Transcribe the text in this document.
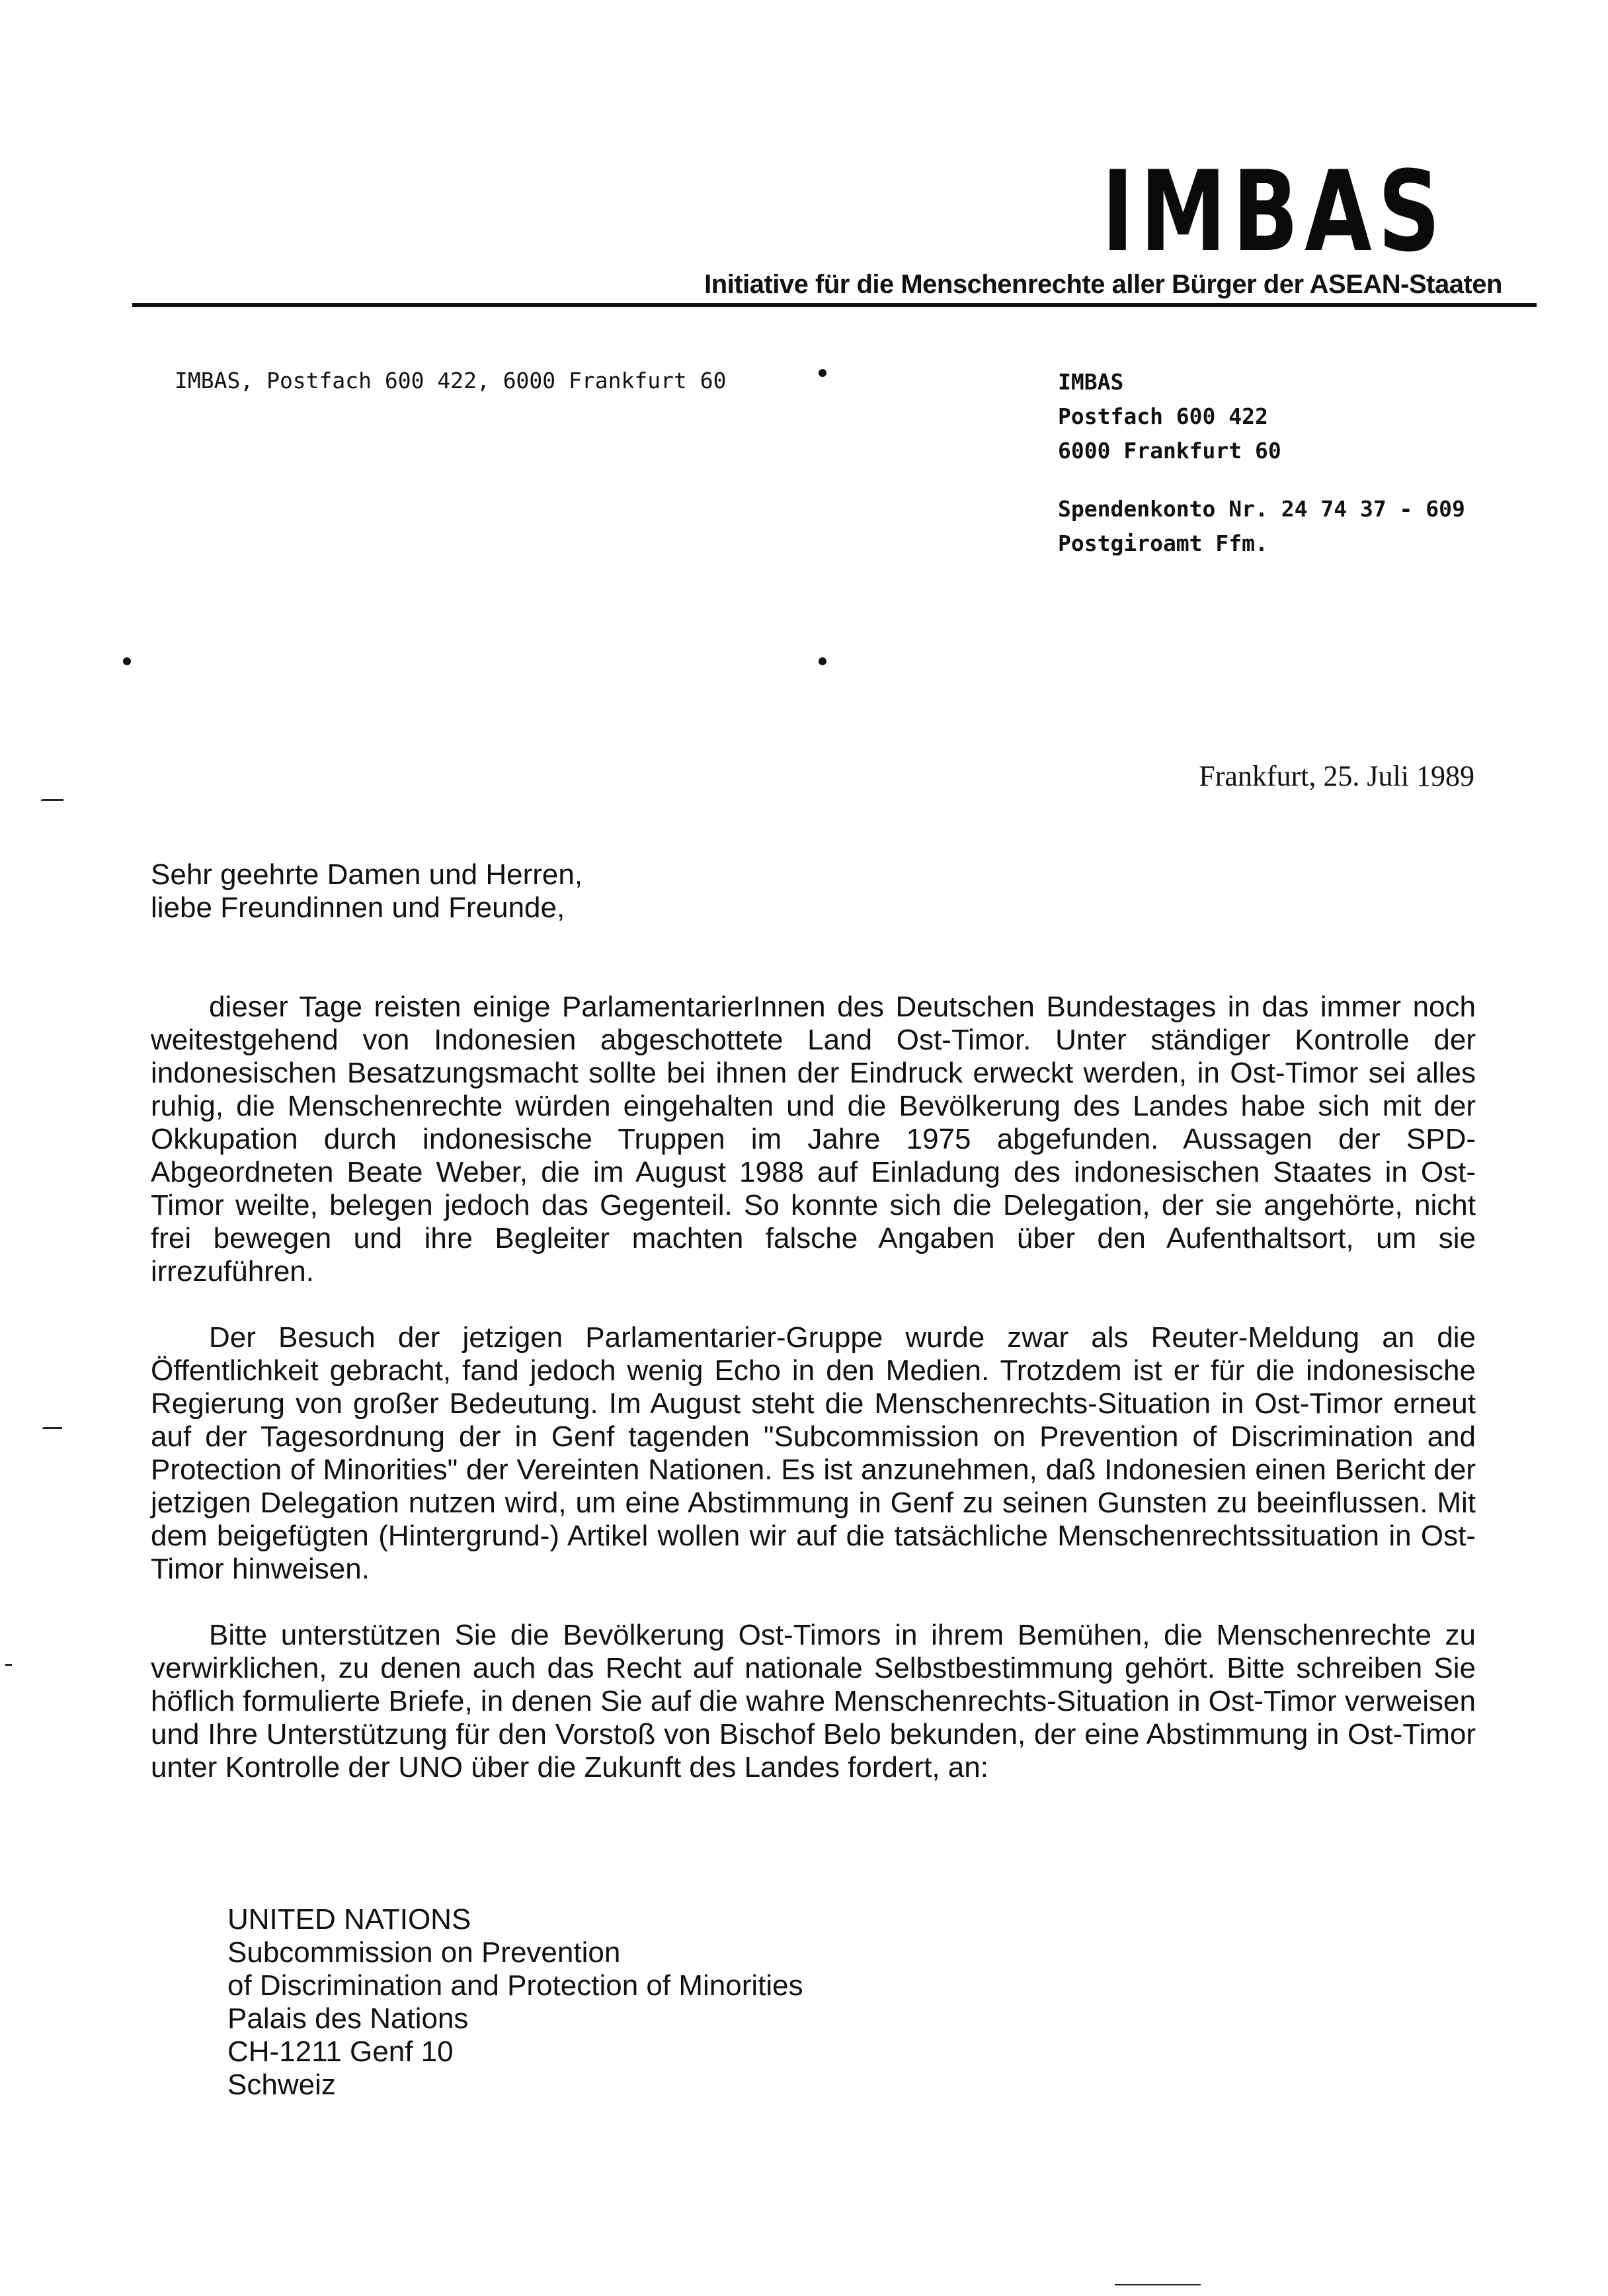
IMBAS
Initiative für die Menschenrechte aller Bürger der ASEAN-Staaten
IMBAS, Postfach 600 422, 6000 Frankfurt 60	IMBAS
Postfach 600 422
6000 Frankfurt 60
Spendenkonto Nr. 24 74 37 - 609
Postgiroamt Ffm.
Frankfurt, 25. Juli 1989
Sehr geehrte Damen und Herren,
liebe Freundinnen und Freunde,

dieser Tage reisten einige ParlamentarierInnen des Deutschen Bundestages in das immer noch weitestgehend von Indonesien abgeschottete Land Ost-Timor. Unter ständiger Kontrolle der indonesischen Besatzungsmacht sollte bei ihnen der Eindruck erweckt werden, in Ost-Timor sei alles ruhig, die Menschenrechte würden eingehalten und die Bevölkerung des Landes habe sich mit der Okkupation durch indonesische Truppen im Jahre 1975 abgefunden. Aussagen der SPD-Abgeordneten Beate Weber, die im August 1988 auf Einladung des indonesischen Staates in Ost-Timor weilte, belegen jedoch das Gegenteil. So konnte sich die Delegation, der sie angehörte, nicht frei bewegen und ihre Begleiter machten falsche Angaben über den Aufenthaltsort, um sie irrezuführen.

Der Besuch der jetzigen Parlamentarier-Gruppe wurde zwar als Reuter-Meldung an die Öffentlichkeit gebracht, fand jedoch wenig Echo in den Medien. Trotzdem ist er für die indonesische Regierung von großer Bedeutung. Im August steht die Menschenrechts-Situation in Ost-Timor erneut auf der Tagesordnung der in Genf tagenden "Subcommission on Prevention of Discrimination and Protection of Minorities" der Vereinten Nationen. Es ist anzunehmen, daß Indonesien einen Bericht der jetzigen Delegation nutzen wird, um eine Abstimmung in Genf zu seinen Gunsten zu beeinflussen. Mit dem beigefügten (Hintergrund-) Artikel wollen wir auf die tatsächliche Menschenrechtssituation in Ost-Timor hinweisen.

Bitte unterstützen Sie die Bevölkerung Ost-Timors in ihrem Bemühen, die Menschenrechte zu verwirklichen, zu denen auch das Recht auf nationale Selbstbestimmung gehört. Bitte schreiben Sie höflich formulierte Briefe, in denen Sie auf die wahre Menschenrechts-Situation in Ost-Timor verweisen und Ihre Unterstützung für den Vorstoß von Bischof Belo bekunden, der eine Abstimmung in Ost-Timor unter Kontrolle der UNO über die Zukunft des Landes fordert, an:

UNITED NATIONS
Subcommission on Prevention
of Discrimination and Protection of Minorities
Palais des Nations
CH-1211 Genf 10
Schweiz
